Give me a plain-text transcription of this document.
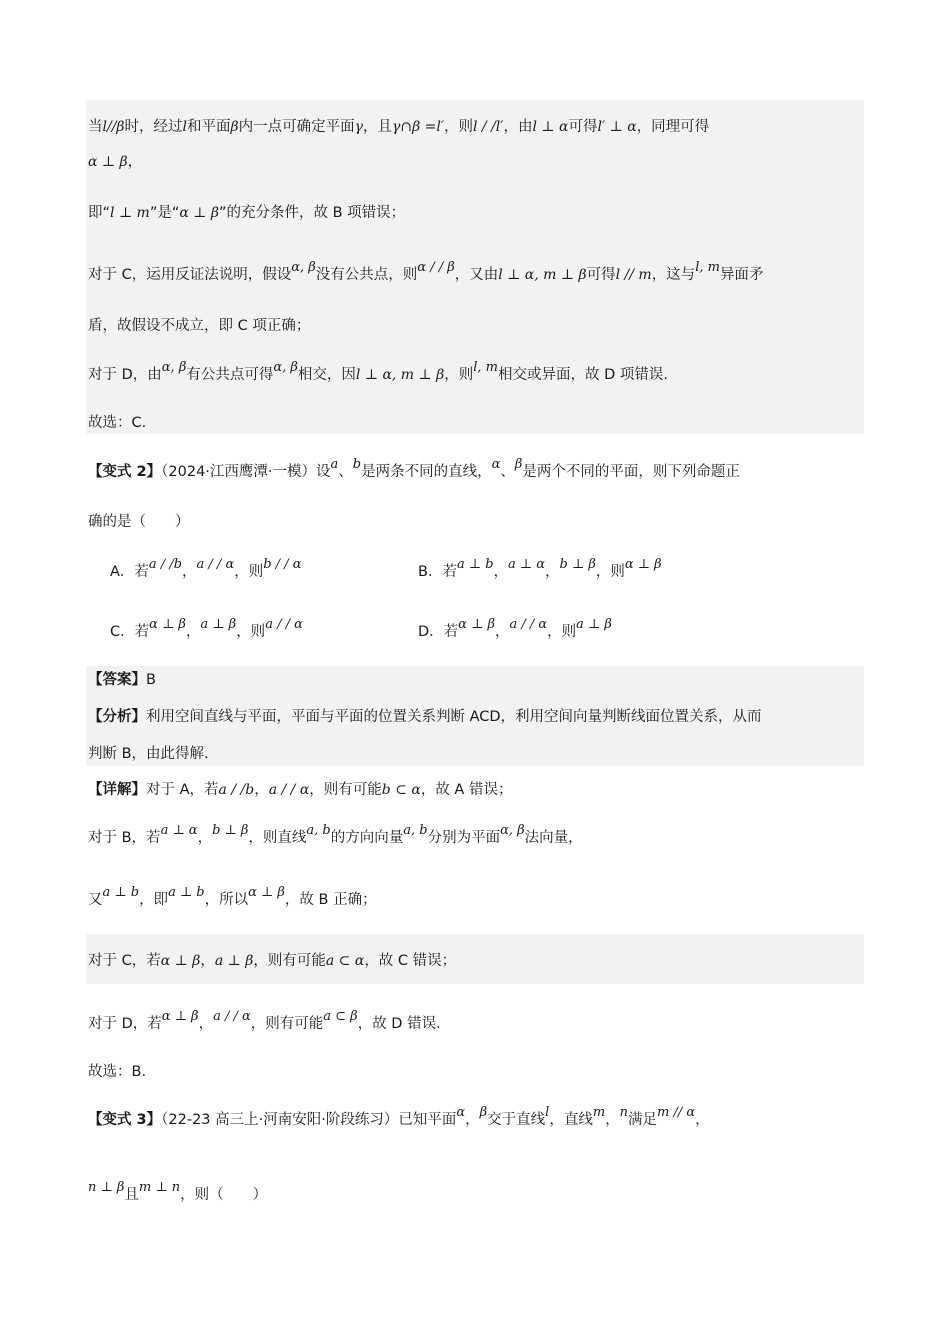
当l//β时，经过l和平面β内一点可确定平面γ，且γ∩β =l′，则l / /l′，由l ⊥ α可得l′ ⊥ α，同理可得
α ⊥ β，
即“l ⊥ m”是“α ⊥ β”的充分条件，故 B 项错误；
对于 C，运用反证法说明，假设α, β没有公共点，则α / / β，又由l ⊥ α, m ⊥ β可得l // m，这与l, m异面矛
盾，故假设不成立，即 C 项正确；
对于 D，由α, β有公共点可得α, β相交，因l ⊥ α, m ⊥ β，则l, m相交或异面，故 D 项错误.
故选：C.
【变式 2】（2024·江西鹰潭·一模）设a、b是两条不同的直线，α、β是两个不同的平面，则下列命题正
确的是（　　）
A．若a / /b，a / / α，则b / / α	B．若a ⊥ b，a ⊥ α，b ⊥ β，则α ⊥ β
C．若α ⊥ β，a ⊥ β，则a / / α	D．若α ⊥ β，a / / α，则a ⊥ β
【答案】B
【分析】利用空间直线与平面，平面与平面的位置关系判断 ACD，利用空间向量判断线面位置关系，从而
判断 B，由此得解.
【详解】对于 A，若a / /b，a / / α，则有可能b ⊂ α，故 A 错误；
对于 B，若a ⊥ α，b ⊥ β，则直线a, b的方向向量a, b分别为平面α, β法向量，
又a ⊥ b，即a ⊥ b，所以α ⊥ β，故 B 正确；
对于 C，若α ⊥ β，a ⊥ β，则有可能a ⊂ α，故 C 错误；
对于 D，若α ⊥ β，a / / α，则有可能a ⊂ β，故 D 错误.
故选：B.
【变式 3】（22-23 高三上·河南安阳·阶段练习）已知平面α，β交于直线l，直线m，n满足m // α，
n ⊥ β且m ⊥ n，则（　　）
